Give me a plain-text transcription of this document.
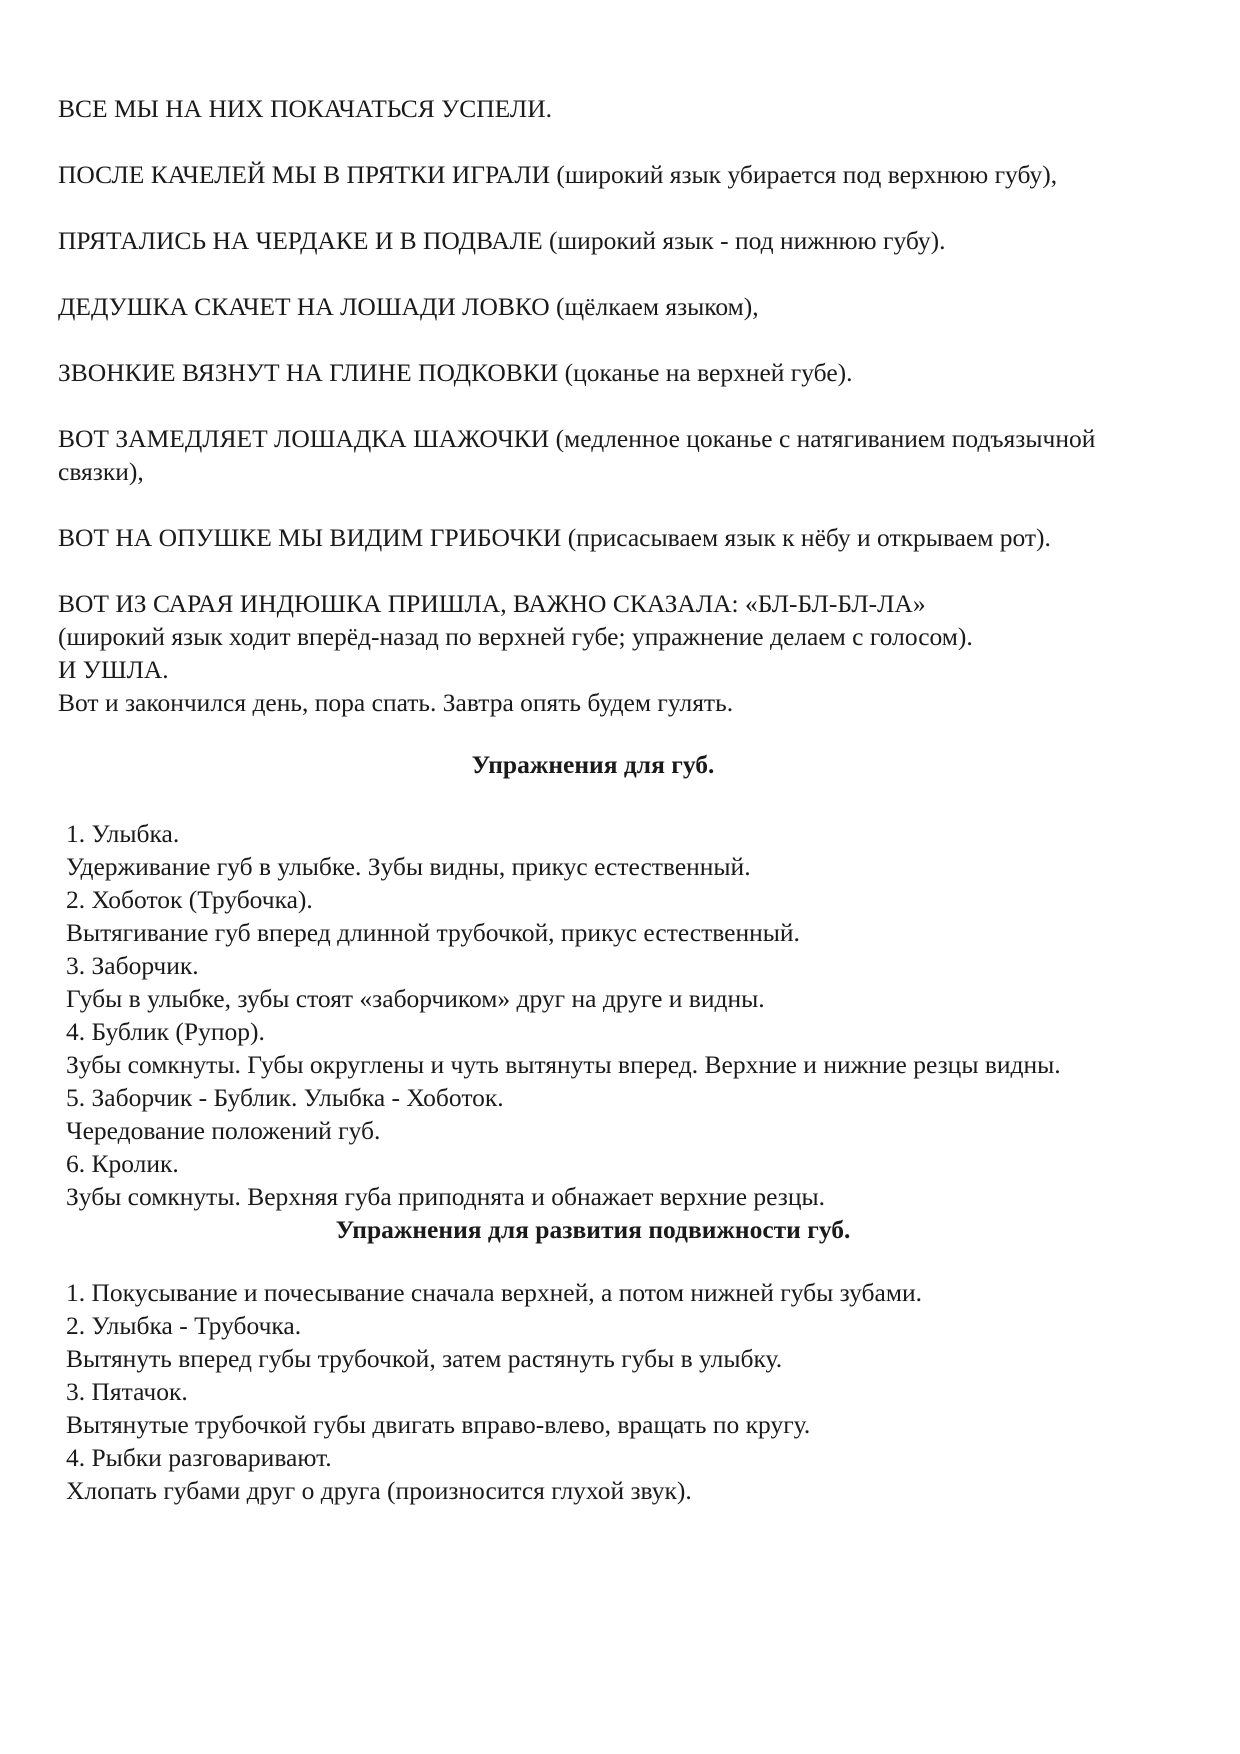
ВСЕ МЫ НА НИХ ПОКАЧАТЬСЯ УСПЕЛИ.

ПОСЛЕ КАЧЕЛЕЙ МЫ В ПРЯТКИ ИГРАЛИ (широкий язык убирается под верхнюю губу),

ПРЯТАЛИСЬ НА ЧЕРДАКЕ И В ПОДВАЛЕ (широкий язык - под нижнюю губу).

ДЕДУШКА СКАЧЕТ НА ЛОШАДИ ЛОВКО (щёлкаем языком),

ЗВОНКИЕ ВЯЗНУТ НА ГЛИНЕ ПОДКОВКИ (цоканье на верхней губе).

ВОТ ЗАМЕДЛЯЕТ ЛОШАДКА ШАЖОЧКИ (медленное цоканье с натягиванием подъязычной связки),

ВОТ НА ОПУШКЕ МЫ ВИДИМ ГРИБОЧКИ (присасываем язык к нёбу и открываем рот).

ВОТ ИЗ САРАЯ ИНДЮШКА ПРИШЛА, ВАЖНО СКАЗАЛА: «БЛ-БЛ-БЛ-ЛА»

(широкий язык ходит вперёд-назад по верхней губе; упражнение делаем с голосом).

И УШЛА.

Вот и закончился день, пора спать. Завтра опять будем гулять.

Упражнения для губ.

1. Улыбка.

Удерживание губ в улыбке. Зубы видны, прикус естественный.

2. Хоботок (Трубочка).

Вытягивание губ вперед длинной трубочкой, прикус естественный.

3. Заборчик.

Губы в улыбке, зубы стоят «заборчиком» друг на друге и видны.

4. Бублик (Рупор).

Зубы сомкнуты. Губы округлены и чуть вытянуты вперед. Верхние и нижние резцы видны.

5. Заборчик - Бублик. Улыбка - Хоботок.

Чередование положений губ.

6. Кролик.

Зубы сомкнуты. Верхняя губа приподнята и обнажает верхние резцы.

Упражнения для развития подвижности губ.

1. Покусывание и почесывание сначала верхней, а потом нижней губы зубами.

2. Улыбка - Трубочка.

Вытянуть вперед губы трубочкой, затем растянуть губы в улыбку.

3. Пятачок.

Вытянутые трубочкой губы двигать вправо-влево, вращать по кругу.

4. Рыбки разговаривают.

Хлопать губами друг о друга (произносится глухой звук).
